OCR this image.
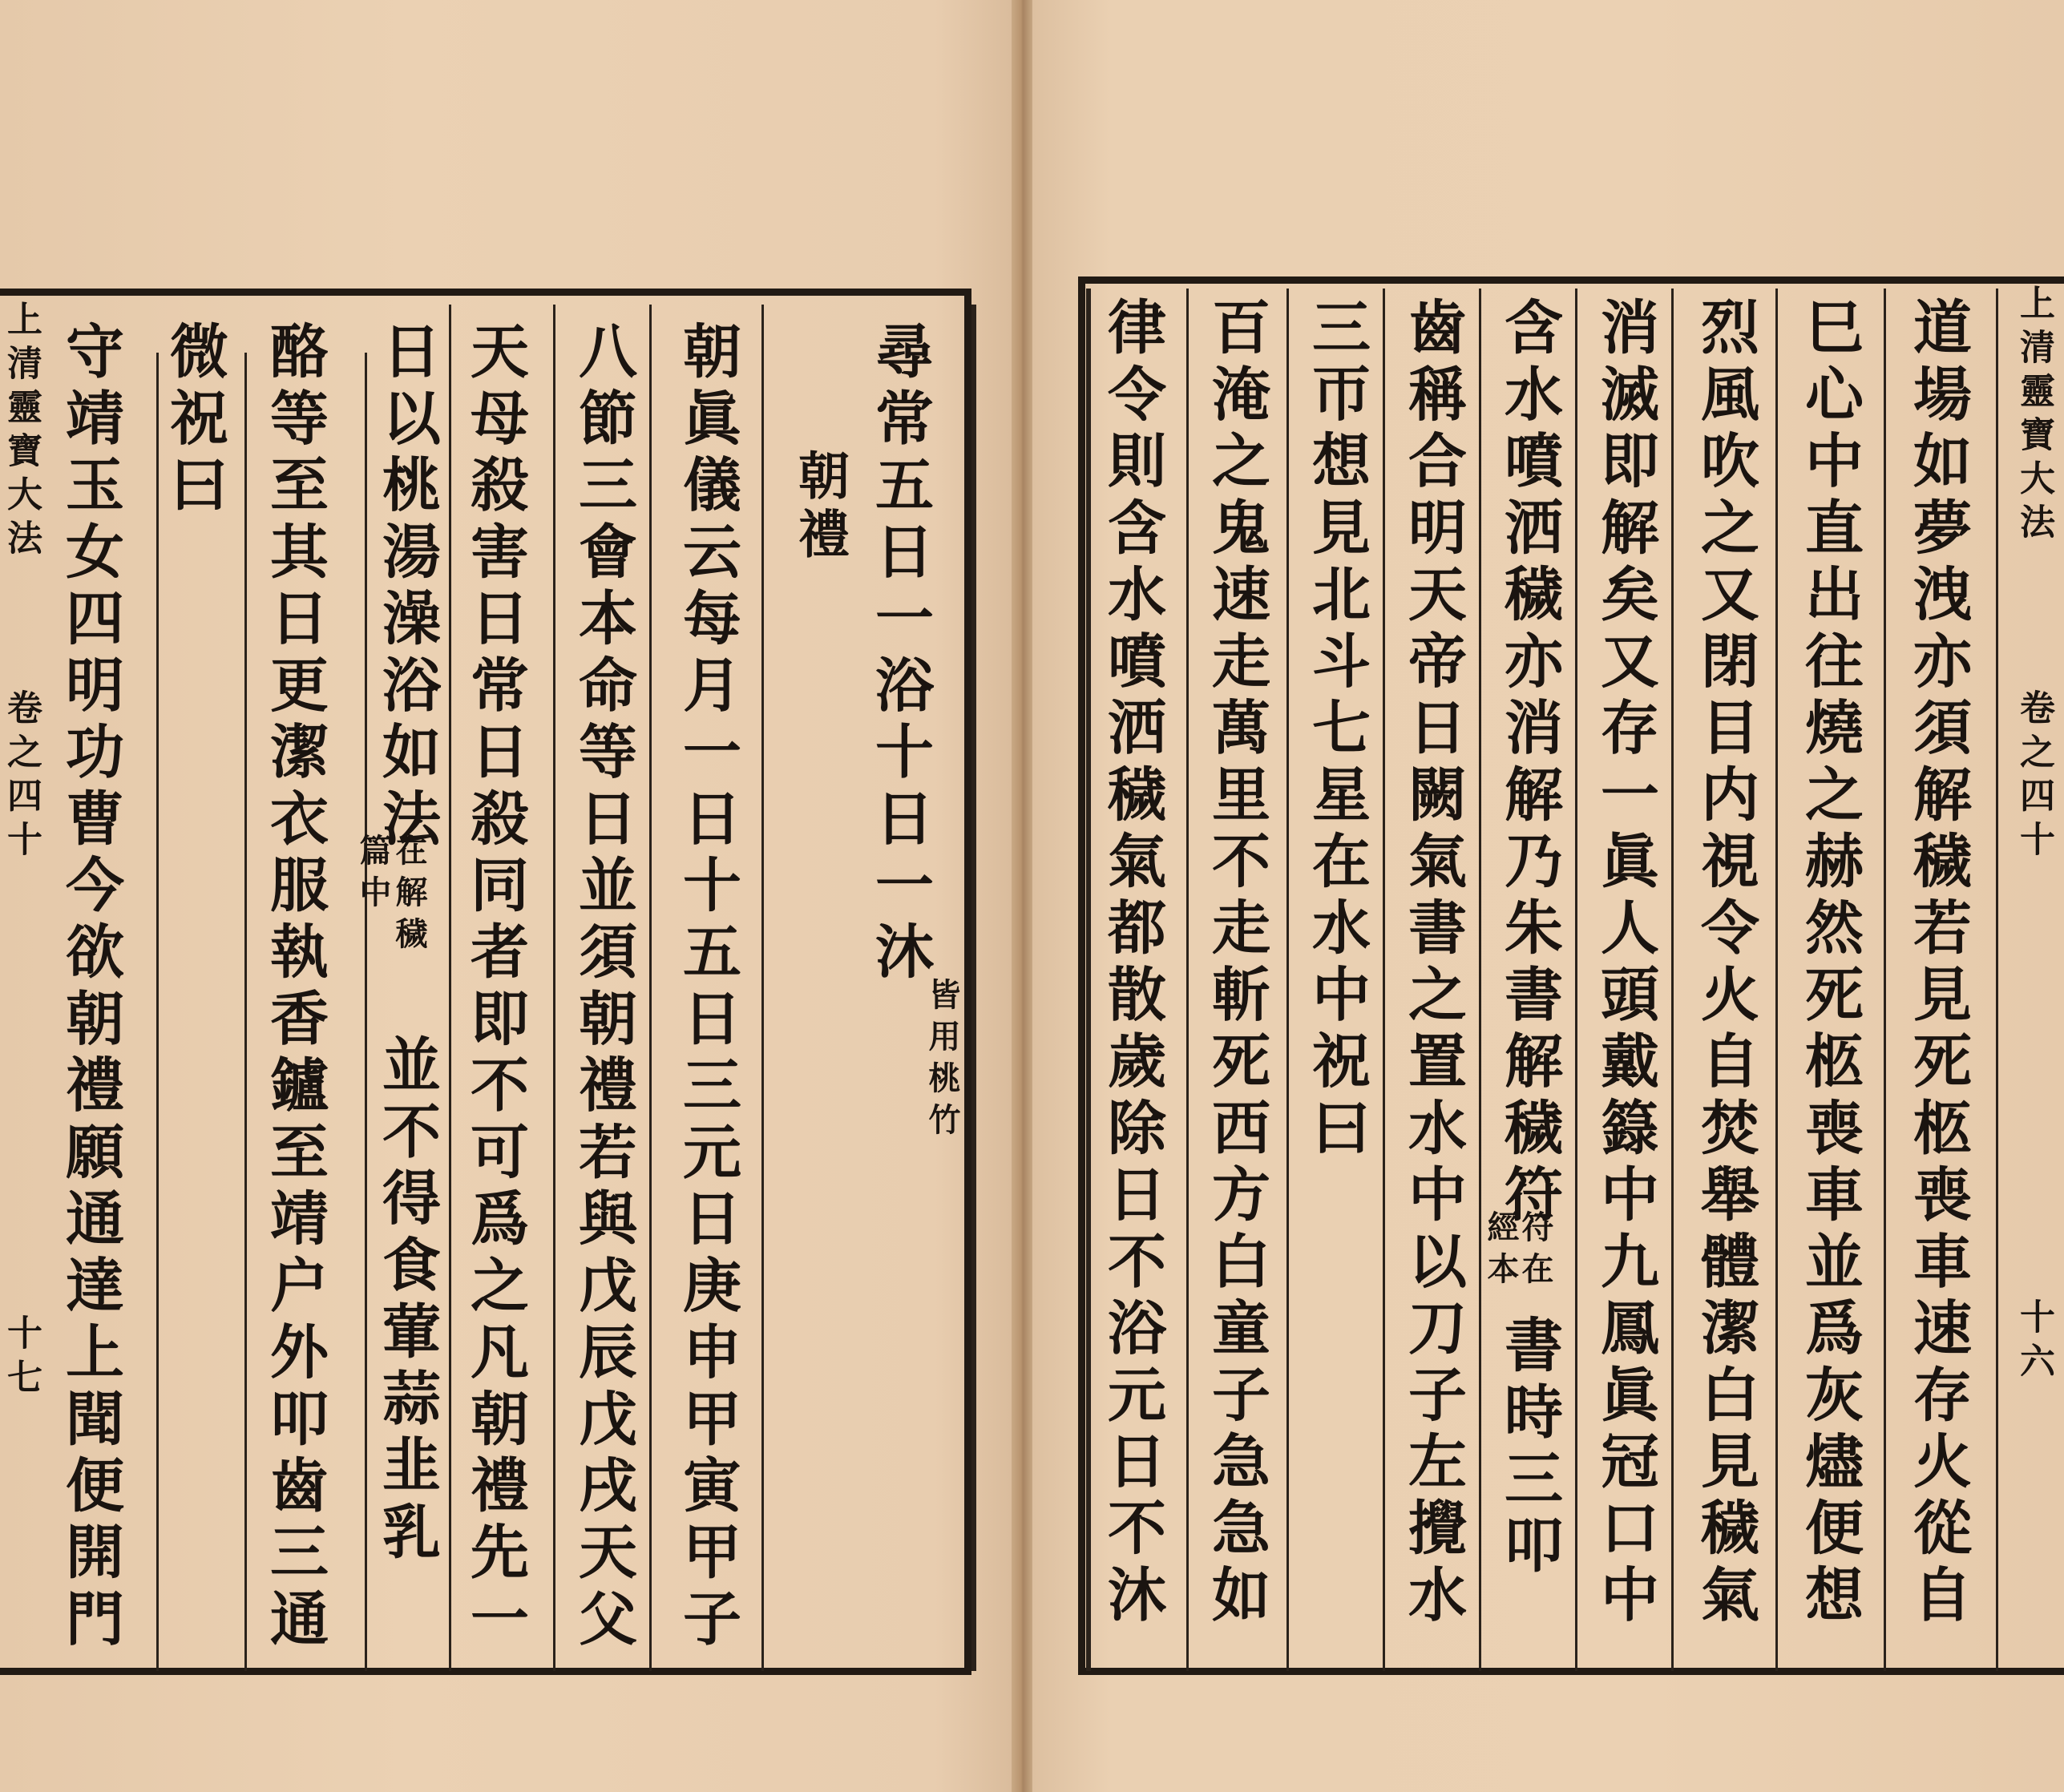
上清靈寶大法
卷之四十
十七
尋常五日一浴十日一沐
皆用桃竹
朝禮
朝眞儀云每月一日十五日三元日庚申甲寅甲子
八節三會本命等日並須朝禮若與戊辰戊戌天父
天母殺害日常日殺同者即不可爲之凡朝禮先一
日以桃湯澡浴如法
在解穢
篇中
並不得食葷蒜韭乳
酪等至其日更潔衣服執香鑪至靖户外叩齒三通
微祝曰
守靖玉女四明功曹今欲朝禮願通達上聞便開門	上清靈寶大法
卷之四十
十六
道場如夢洩亦須解穢若見死柩喪車速存火從自
巳心中直出往燒之赫然死柩喪車並爲灰燼便想
烈風吹之又閉目内視令火自焚舉體潔白見穢氣
消滅即解矣又存一眞人頭戴籙中九鳳眞冠口中
含水噴洒穢亦消解乃朱書解穢符
符在
經本
書時三叩
齒稱合明天帝日闕氣書之置水中以刀子左攪水
三帀想見北斗七星在水中祝曰
百淹之鬼速走萬里不走斬死西方白童子急急如
律令則含水噴洒穢氣都散歲除日不浴元日不沐
